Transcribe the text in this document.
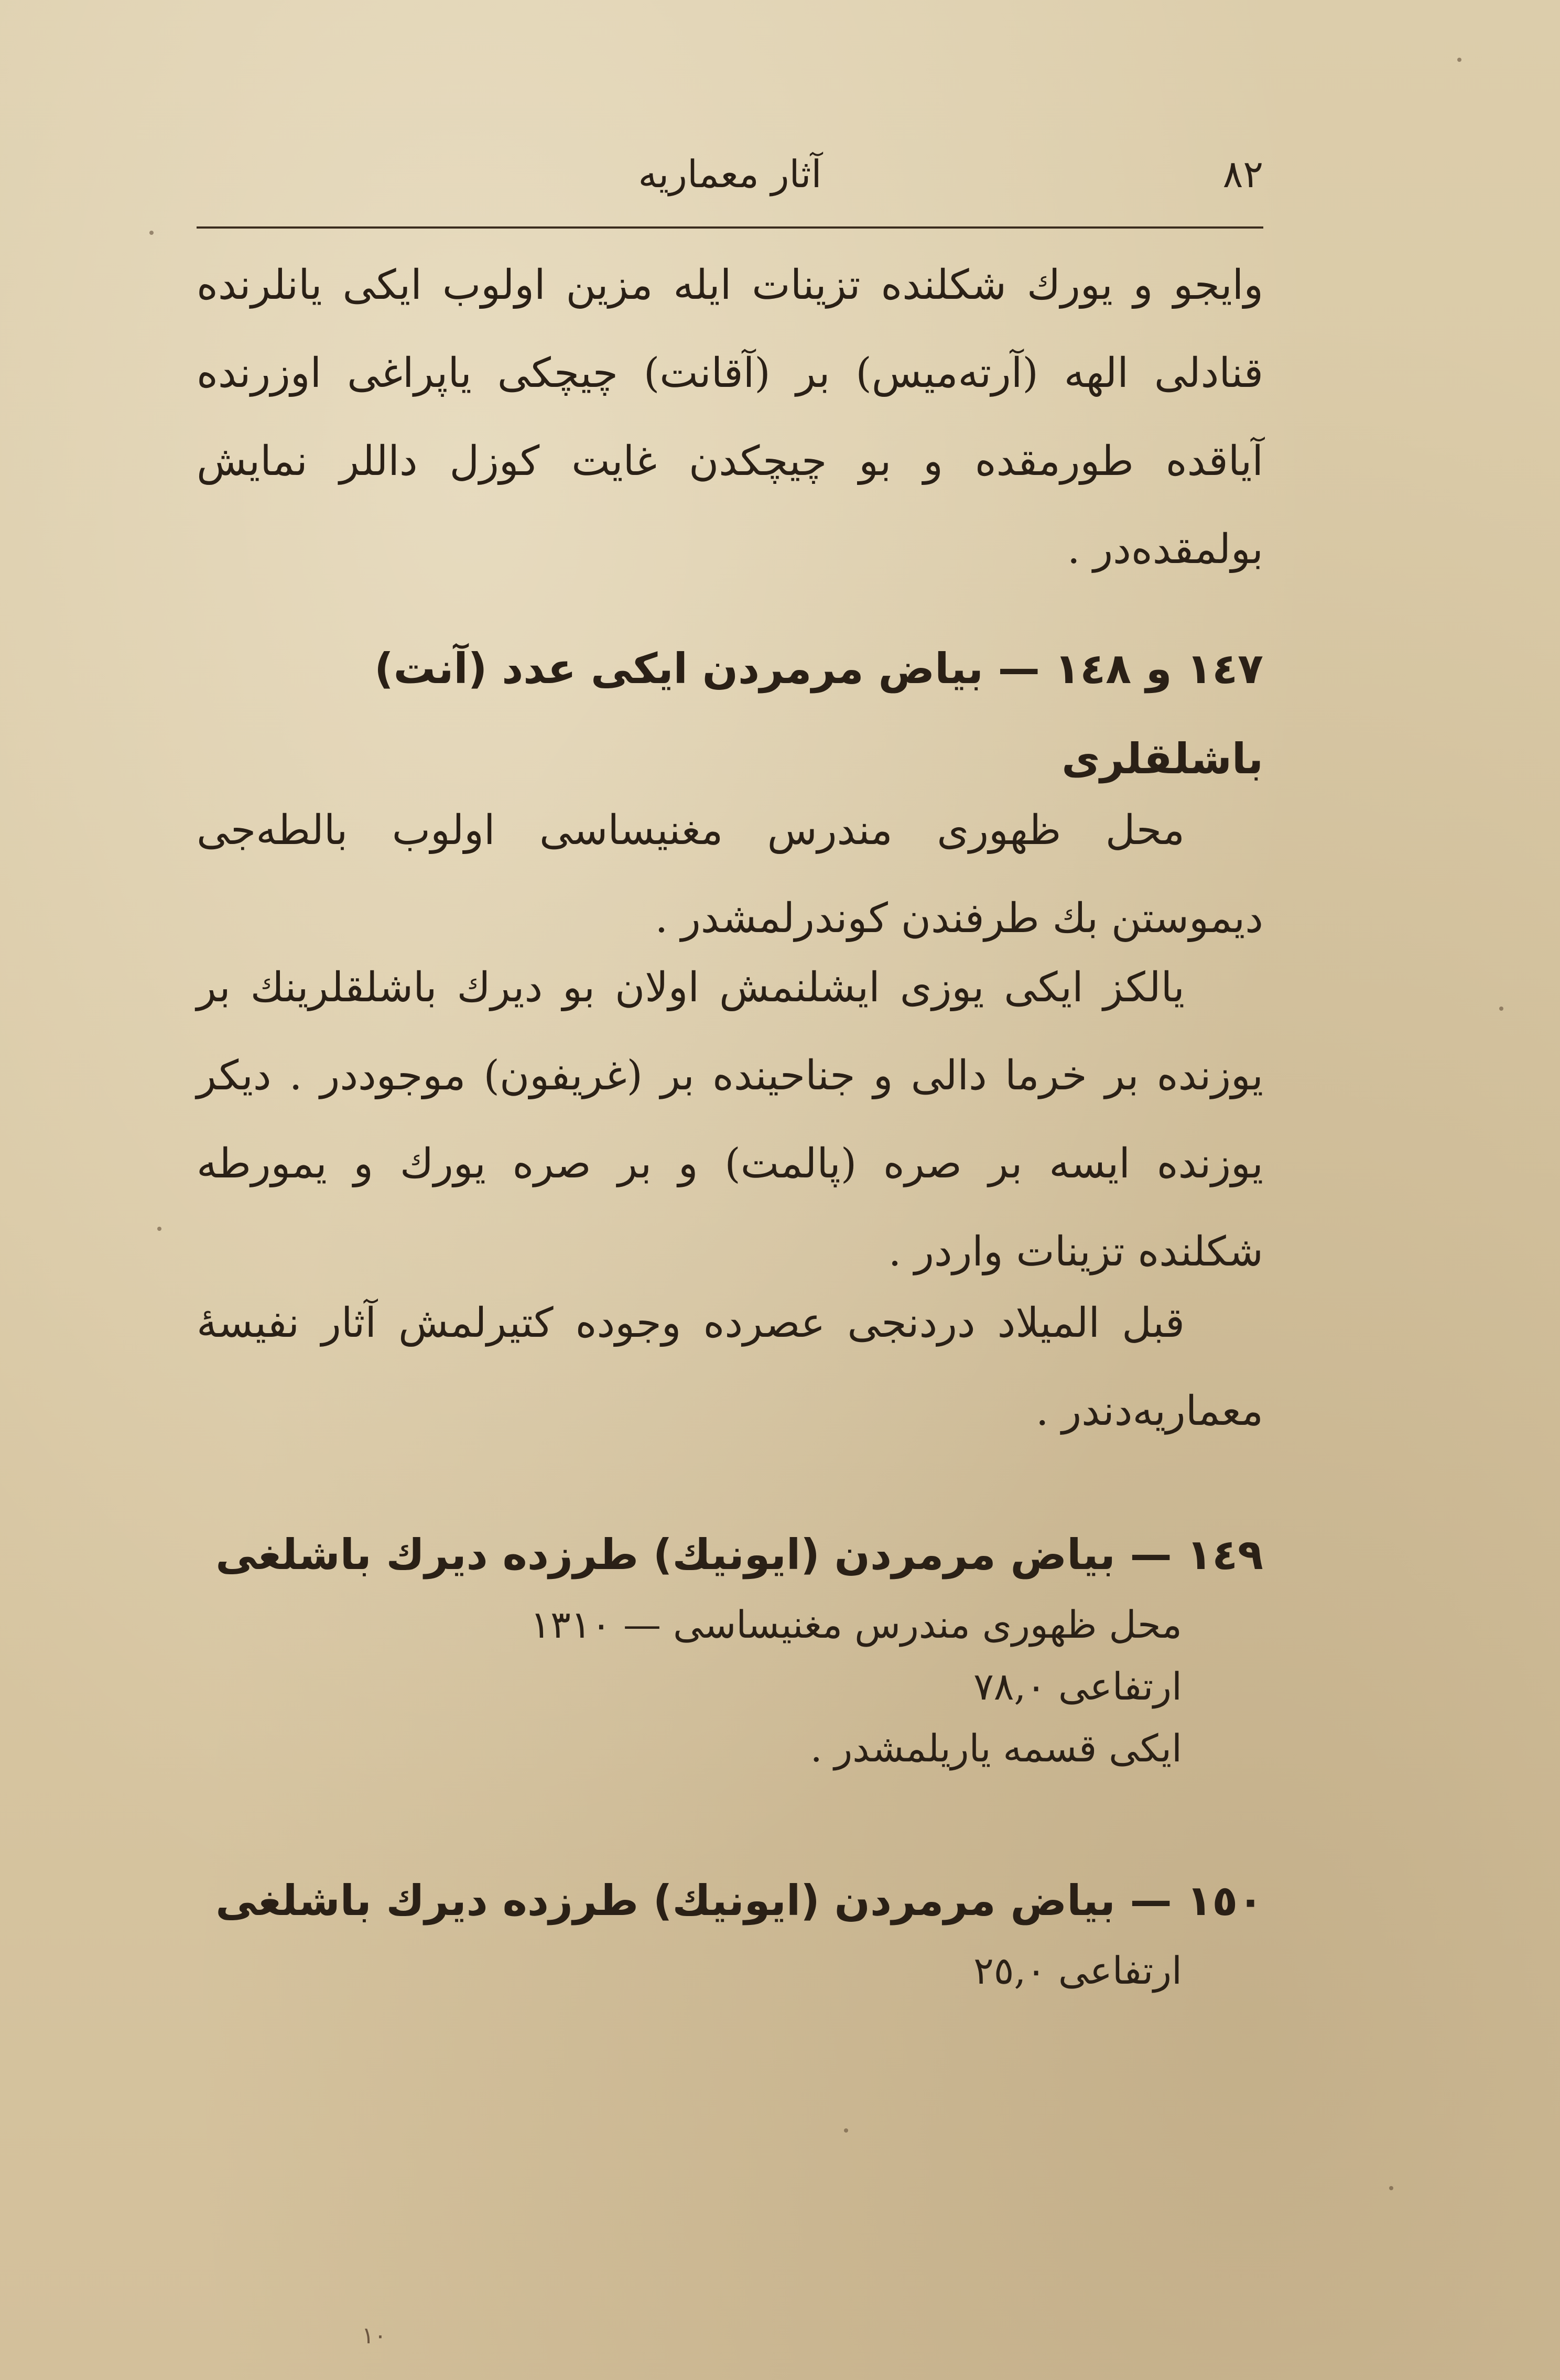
٨٢
آثار معماریه

وایجو و یورك شكلنده تزینات ایله مزین اولوب ایكی یانلرنده قنادلی الهه (آرته‌میس) بر (آقانت) چیچكی یاپراغی اوزرنده آیاقده طورمقده و بو چیچكدن غایت كوزل داللر نمایش بولمقده‌در .

١٤٧ و ١٤٨ — بیاض مرمردن ایكی عدد (آنت) باشلقلری

محل ظهوری مندرس مغنیساسی اولوب بالطه‌جی دیموستن بك طرفندن كوندرلمشدر .

یالكز ایكی یوزی ایشلنمش اولان بو دیرك باشلقلرینك بر یوزنده بر خرما دالی و جناحینده بر (غریفون) موجوددر . دیكر یوزنده ایسه بر صره (پالمت) و بر صره یورك و یمورطه شكلنده تزینات واردر .

قبل المیلاد دردنجی عصرده وجوده كتیرلمش آثار نفیسهٔ معماریه‌دندر .

١٤٩ — بیاض مرمردن (ایونیك) طرزده دیرك باشلغی
محل ظهوری مندرس مغنیساسی — ١٣١٠
ارتفاعی ٧٨,٠
ایكی قسمه یاریلمشدر .
١٥٠ — بیاض مرمردن (ایونیك) طرزده دیرك باشلغی
ارتفاعی ٢٥,٠
١٠
